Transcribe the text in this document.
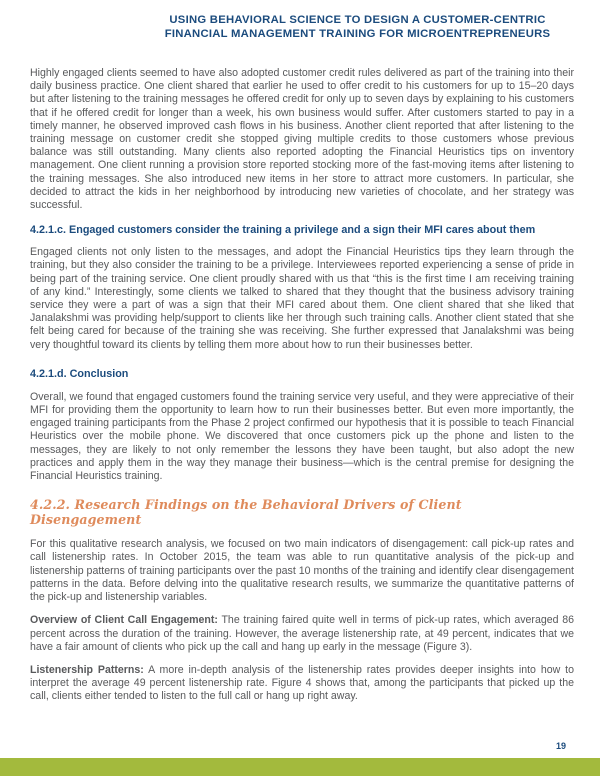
USING BEHAVIORAL SCIENCE TO DESIGN A CUSTOMER-CENTRIC
FINANCIAL MANAGEMENT TRAINING FOR MICROENTREPRENEURS

Highly engaged clients seemed to have also adopted customer credit rules delivered as part of the training into their daily business practice. One client shared that earlier he used to offer credit to his customers for up to 15–20 days but after listening to the training messages he offered credit for only up to seven days by explaining to his customers that if he offered credit for longer than a week, his own business would suffer. After customers started to pay in a timely manner, he observed improved cash flows in his business. Another client reported that after listening to the training message on customer credit she stopped giving multiple credits to those customers whose previous balance was still outstanding. Many clients also reported adopting the Financial Heuristics tips on inventory management. One client running a provision store reported stocking more of the fast-moving items after listening to the training messages. She also introduced new items in her store to attract more customers. In particular, she decided to attract the kids in her neighborhood by introducing new varieties of chocolate, and her strategy was successful.

4.2.1.c. Engaged customers consider the training a privilege and a sign their MFI cares about them

Engaged clients not only listen to the messages, and adopt the Financial Heuristics tips they learn through the training, but they also consider the training to be a privilege. Interviewees reported experiencing a sense of pride in being part of the training service. One client proudly shared with us that “this is the first time I am receiving training of any kind.” Interestingly, some clients we talked to shared that they thought that the business advisory training service they were a part of was a sign that their MFI cared about them. One client shared that she liked that Janalakshmi was providing help/support to clients like her through such training calls. Another client stated that she felt being cared for because of the training she was receiving. She further expressed that Janalakshmi was being very thoughtful toward its clients by telling them more about how to run their businesses better.

4.2.1.d. Conclusion

Overall, we found that engaged customers found the training service very useful, and they were appreciative of their MFI for providing them the opportunity to learn how to run their businesses better. But even more importantly, the engaged training participants from the Phase 2 project confirmed our hypothesis that it is possible to teach Financial Heuristics over the mobile phone. We discovered that once customers pick up the phone and listen to the messages, they are likely to not only remember the lessons they have been taught, but also adopt the new practices and apply them in the way they manage their business—which is the central premise for designing the Financial Heuristics training.

4.2.2. Research Findings on the Behavioral Drivers of Client Disengagement

For this qualitative research analysis, we focused on two main indicators of disengagement: call pick-up rates and call listenership rates. In October 2015, the team was able to run quantitative analysis of the pick-up and listenership patterns of training participants over the past 10 months of the training and identify clear disengagement patterns in the data. Before delving into the qualitative research results, we summarize the quantitative patterns of the pick-up and listenership variables.

Overview of Client Call Engagement: The training faired quite well in terms of pick-up rates, which averaged 86 percent across the duration of the training. However, the average listenership rate, at 49 percent, indicates that we have a fair amount of clients who pick up the call and hang up early in the message (Figure 3).

Listenership Patterns: A more in-depth analysis of the listenership rates provides deeper insights into how to interpret the average 49 percent listenership rate. Figure 4 shows that, among the participants that picked up the call, clients either tended to listen to the full call or hang up right away.

19
